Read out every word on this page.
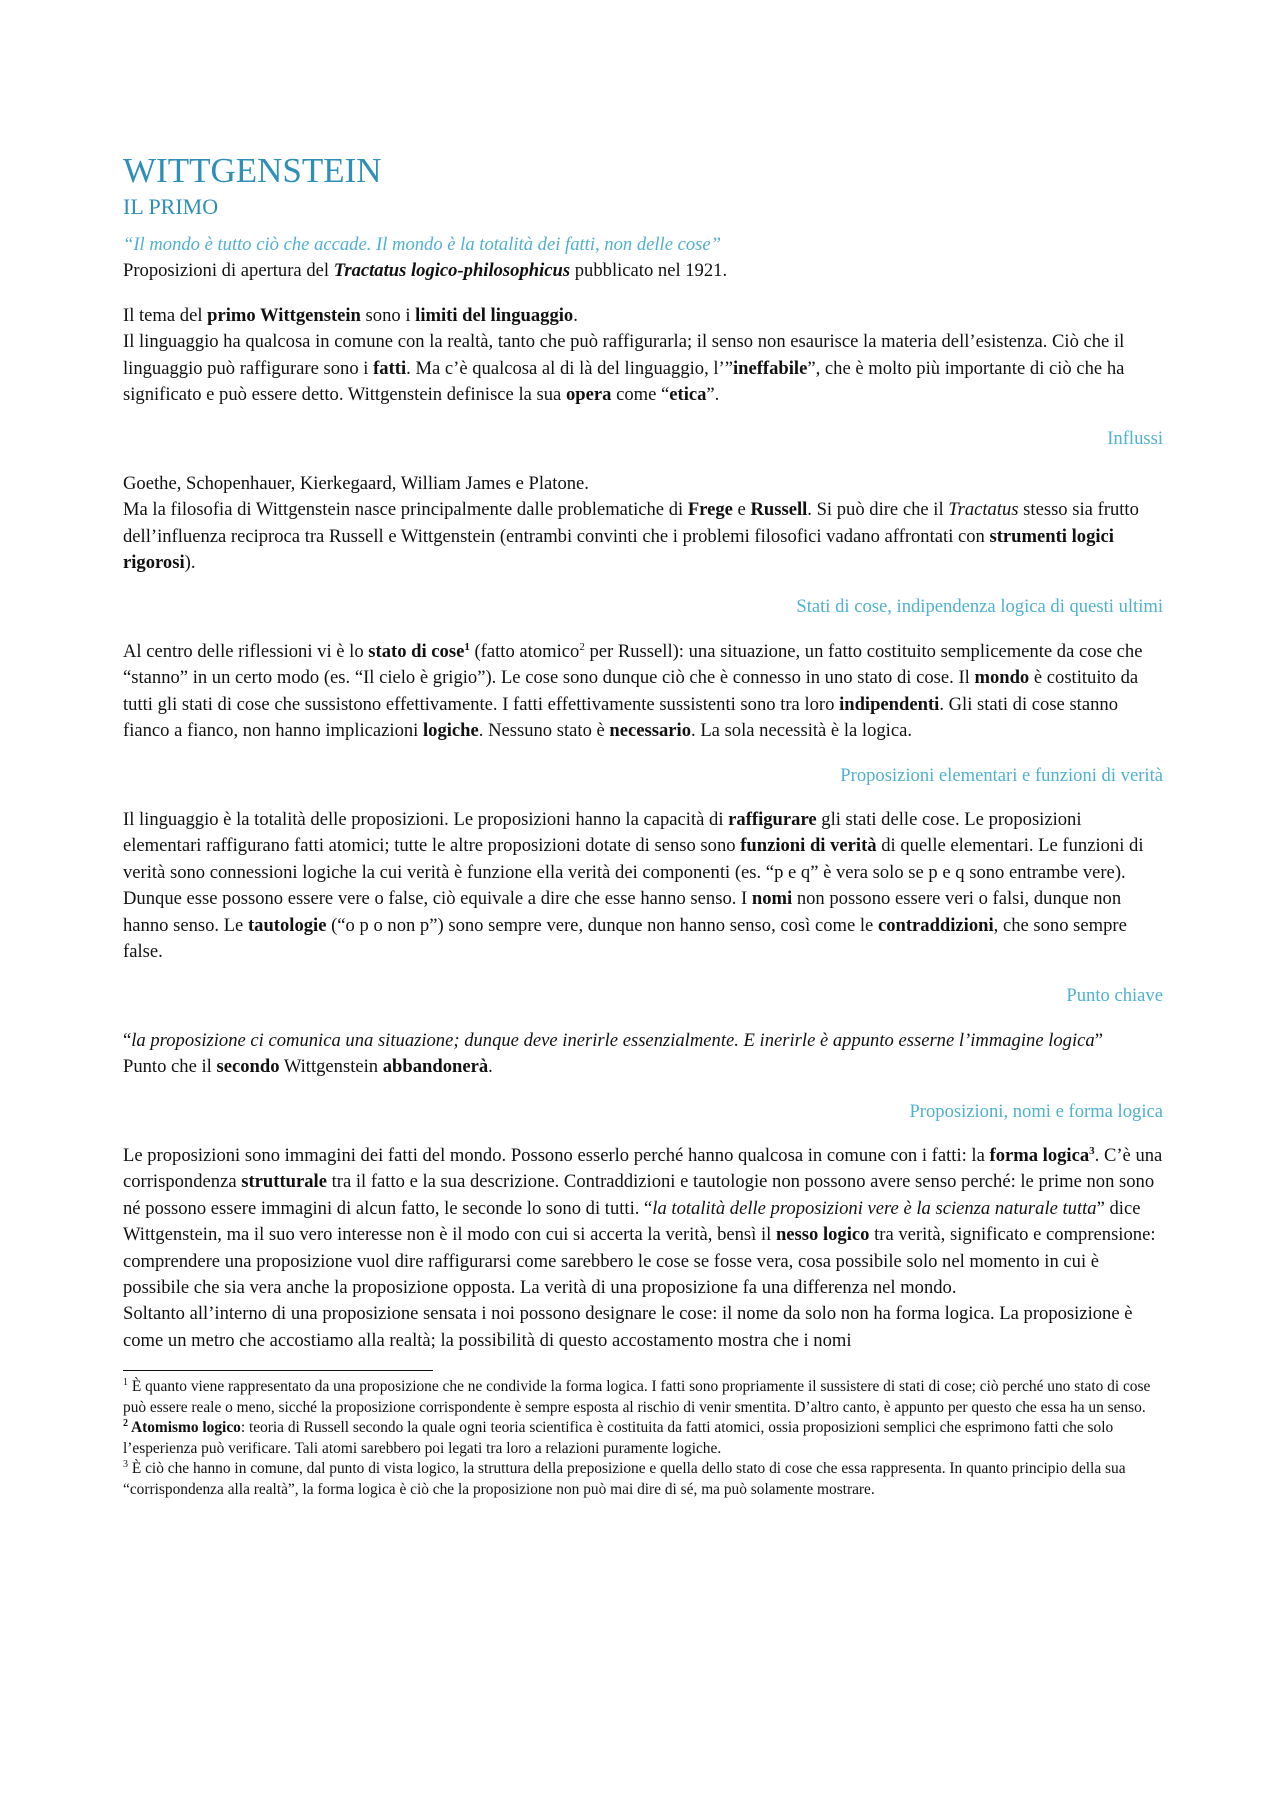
WITTGENSTEIN
IL PRIMO

“Il mondo è tutto ciò che accade. Il mondo è la totalità dei fatti, non delle cose”

Proposizioni di apertura del Tractatus logico-philosophicus pubblicato nel 1921.

Il tema del primo Wittgenstein sono i limiti del linguaggio.

Il linguaggio ha qualcosa in comune con la realtà, tanto che può raffigurarla; il senso non esaurisce la materia dell’esistenza. Ciò che il linguaggio può raffigurare sono i fatti. Ma c’è qualcosa al di là del linguaggio, l’”ineffabile”, che è molto più importante di ciò che ha significato e può essere detto. Wittgenstein definisce la sua opera come “etica”.

Influssi

Goethe, Schopenhauer, Kierkegaard, William James e Platone.

Ma la filosofia di Wittgenstein nasce principalmente dalle problematiche di Frege e Russell. Si può dire che il Tractatus stesso sia frutto dell’influenza reciproca tra Russell e Wittgenstein (entrambi convinti che i problemi filosofici vadano affrontati con strumenti logici rigorosi).

Stati di cose, indipendenza logica di questi ultimi

Al centro delle riflessioni vi è lo stato di cose$^1$ (fatto atomico$^2$ per Russell): una situazione, un fatto costituito semplicemente da cose che “stanno” in un certo modo (es. “Il cielo è grigio”). Le cose sono dunque ciò che è connesso in uno stato di cose. Il mondo è costituito da tutti gli stati di cose che sussistono effettivamente. I fatti effettivamente sussistenti sono tra loro indipendenti. Gli stati di cose stanno fianco a fianco, non hanno implicazioni logiche. Nessuno stato è necessario. La sola necessità è la logica.

Proposizioni elementari e funzioni di verità

Il linguaggio è la totalità delle proposizioni. Le proposizioni hanno la capacità di raffigurare gli stati delle cose. Le proposizioni elementari raffigurano fatti atomici; tutte le altre proposizioni dotate di senso sono funzioni di verità di quelle elementari. Le funzioni di verità sono connessioni logiche la cui verità è funzione ella verità dei componenti (es. “p e q” è vera solo se p e q sono entrambe vere). Dunque esse possono essere vere o false, ciò equivale a dire che esse hanno senso. I nomi non possono essere veri o falsi, dunque non hanno senso. Le tautologie (“o p o non p”) sono sempre vere, dunque non hanno senso, così come le contraddizioni, che sono sempre false.

Punto chiave

“la proposizione ci comunica una situazione; dunque deve inerirle essenzialmente. E inerirle è appunto esserne l’immagine logica”

Punto che il secondo Wittgenstein abbandonerà.

Proposizioni, nomi e forma logica

Le proposizioni sono immagini dei fatti del mondo. Possono esserlo perché hanno qualcosa in comune con i fatti: la forma logica$^3$. C’è una corrispondenza strutturale tra il fatto e la sua descrizione. Contraddizioni e tautologie non possono avere senso perché: le prime non sono né possono essere immagini di alcun fatto, le seconde lo sono di tutti. “la totalità delle proposizioni vere è la scienza naturale tutta” dice Wittgenstein, ma il suo vero interesse non è il modo con cui si accerta la verità, bensì il nesso logico tra verità, significato e comprensione: comprendere una proposizione vuol dire raffigurarsi come sarebbero le cose se fosse vera, cosa possibile solo nel momento in cui è possibile che sia vera anche la proposizione opposta. La verità di una proposizione fa una differenza nel mondo.

Soltanto all’interno di una proposizione sensata i noi possono designare le cose: il nome da solo non ha forma logica. La proposizione è come un metro che accostiamo alla realtà; la possibilità di questo accostamento mostra che i nomi

$^1$ È quanto viene rappresentato da una proposizione che ne condivide la forma logica. I fatti sono propriamente il sussistere di stati di cose; ciò perché uno stato di cose può essere reale o meno, sicché la proposizione corrispondente è sempre esposta al rischio di venir smentita. D’altro canto, è appunto per questo che essa ha un senso.

$^2$ Atomismo logico: teoria di Russell secondo la quale ogni teoria scientifica è costituita da fatti atomici, ossia proposizioni semplici che esprimono fatti che solo l’esperienza può verificare. Tali atomi sarebbero poi legati tra loro a relazioni puramente logiche.

$^3$ È ciò che hanno in comune, dal punto di vista logico, la struttura della preposizione e quella dello stato di cose che essa rappresenta. In quanto principio della sua “corrispondenza alla realtà”, la forma logica è ciò che la proposizione non può mai dire di sé, ma può solamente mostrare.
